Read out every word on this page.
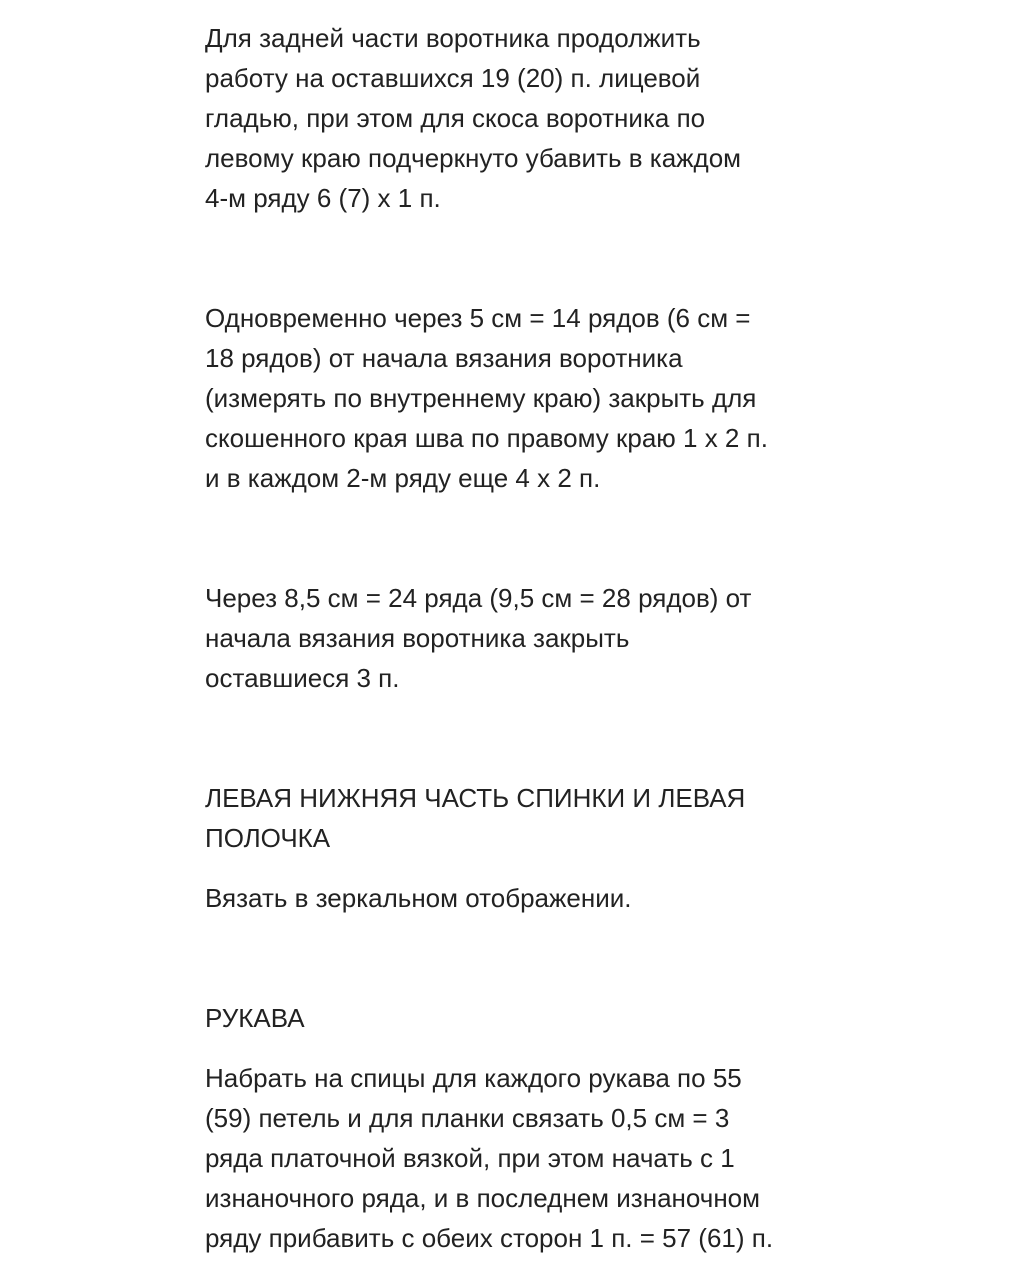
Для задней части воротника продолжить
работу на оставшихся 19 (20) п. лицевой
гладью, при этом для скоса воротника по
левому краю подчеркнуто убавить в каждом
4-м ряду 6 (7) х 1 п.

Одновременно через 5 см = 14 рядов (6 см =
18 рядов) от начала вязания воротника
(измерять по внутреннему краю) закрыть для
скошенного края шва по правому краю 1 х 2 п.
и в каждом 2-м ряду еще 4 х 2 п.

Через 8,5 см = 24 ряда (9,5 см = 28 рядов) от
начала вязания воротника закрыть
оставшиеся 3 п.

ЛЕВАЯ НИЖНЯЯ ЧАСТЬ СПИНКИ И ЛЕВАЯ
ПОЛОЧКА

Вязать в зеркальном отображении.

РУКАВА

Набрать на спицы для каждого рукава по 55
(59) петель и для планки связать 0,5 см = 3
ряда платочной вязкой, при этом начать с 1
изнаночного ряда, и в последнем изнаночном
ряду прибавить с обеих сторон 1 п. = 57 (61) п.
